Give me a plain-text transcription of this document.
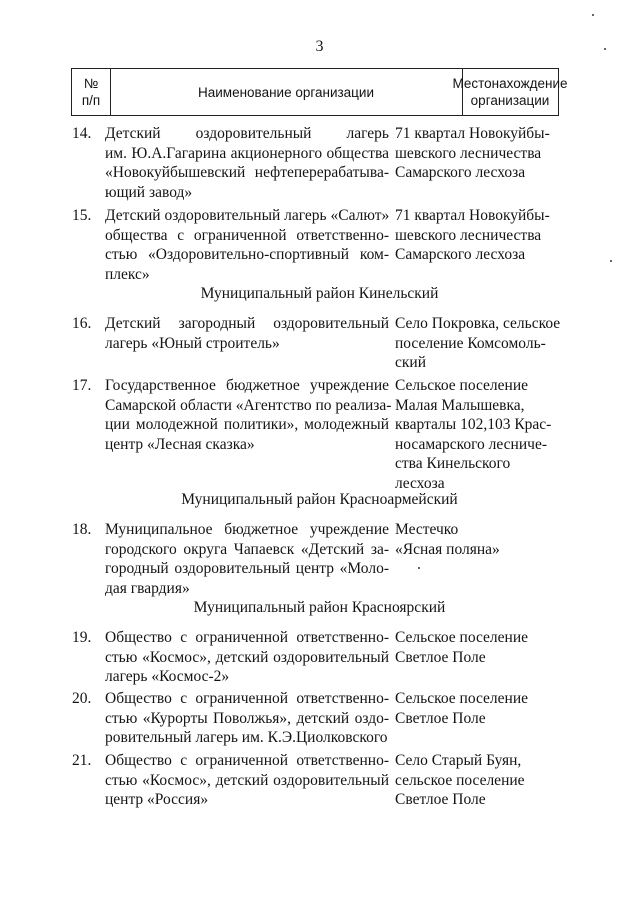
3
№
п/п
Наименование организации
Местонахождение
организации
14. Детский оздоровительный лагерь
им. Ю.А.Гагарина акционерного общества
«Новокуйбышевский нефтеперерабатыва-
ющий завод»
71 квартал Новокуйбы-
шевского лесничества
Самарского лесхоза
15. Детский оздоровительный лагерь «Салют»
общества с ограниченной ответственно-
стью «Оздоровительно-спортивный ком-
плекс»
71 квартал Новокуйбы-
шевского лесничества
Самарского лесхоза
Муниципальный район Кинельский
16. Детский загородный оздоровительный
лагерь «Юный строитель»
Село Покровка, сельское
поселение Комсомоль-
ский
17. Государственное бюджетное учреждение
Самарской области «Агентство по реализа-
ции молодежной политики», молодежный
центр «Лесная сказка»
Сельское поселение
Малая Малышевка,
кварталы 102,103 Крас-
носамарского лесниче-
ства Кинельского
лесхоза
Муниципальный район Красноармейский
18. Муниципальное бюджетное учреждение
городского округа Чапаевск «Детский за-
городный оздоровительный центр «Моло-
дая гвардия»
Местечко
«Ясная поляна»
Муниципальный район Красноярский
19. Общество с ограниченной ответственно-
стью «Космос», детский оздоровительный
лагерь «Космос-2»
Сельское поселение
Светлое Поле
20. Общество с ограниченной ответственно-
стью «Курорты Поволжья», детский оздо-
ровительный лагерь им. К.Э.Циолковского
Сельское поселение
Светлое Поле
21. Общество с ограниченной ответственно-
стью «Космос», детский оздоровительный
центр «Россия»
Село Старый Буян,
сельское поселение
Светлое Поле
